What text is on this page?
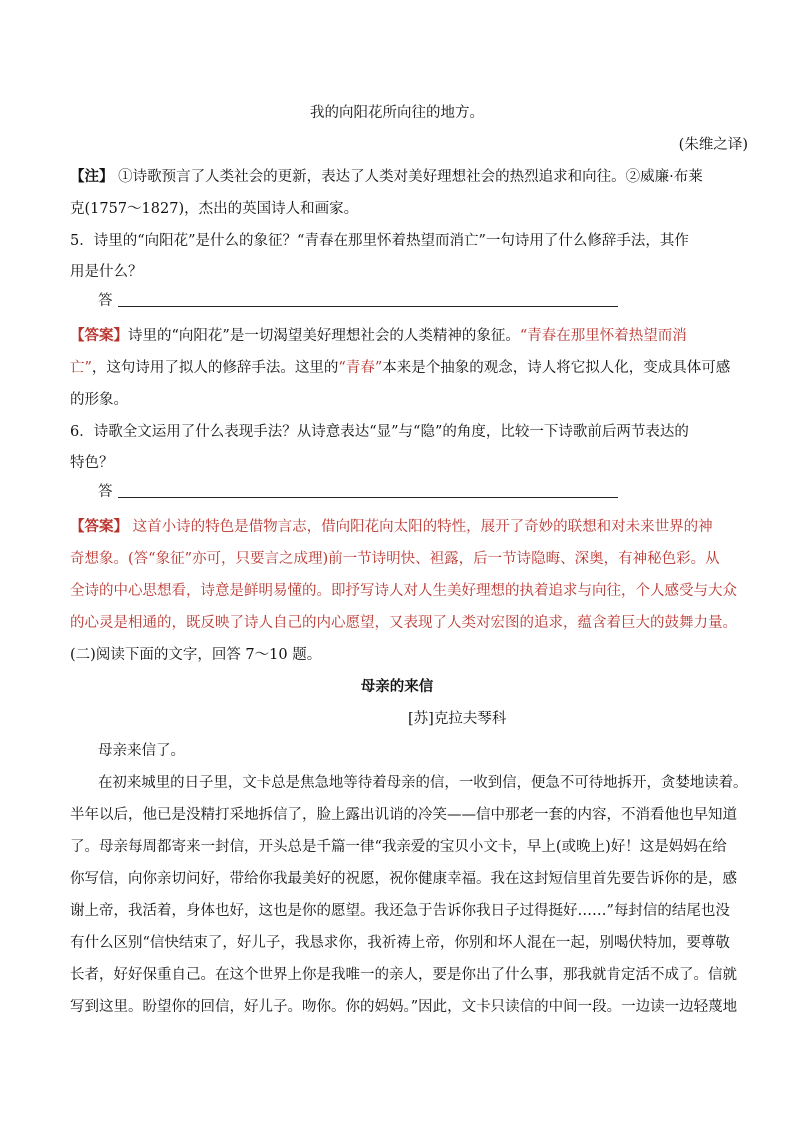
我的向阳花所向往的地方。
(朱维之译)
【注】 ①诗歌预言了人类社会的更新，表达了人类对美好理想社会的热烈追求和向往。②威廉·布莱
克(1757～1827)，杰出的英国诗人和画家。
5．诗里的“向阳花”是什么的象征？“青春在那里怀着热望而消亡”一句诗用了什么修辞手法，其作
用是什么？
答
【答案】诗里的“向阳花”是一切渴望美好理想社会的人类精神的象征。“青春在那里怀着热望而消
亡”，这句诗用了拟人的修辞手法。这里的“青春”本来是个抽象的观念，诗人将它拟人化，变成具体可感
的形象。
6．诗歌全文运用了什么表现手法？从诗意表达“显”与“隐”的角度，比较一下诗歌前后两节表达的
特色？
答
【答案】 这首小诗的特色是借物言志，借向阳花向太阳的特性，展开了奇妙的联想和对未来世界的神
奇想象。(答“象征”亦可，只要言之成理)前一节诗明快、袒露，后一节诗隐晦、深奥，有神秘色彩。从
全诗的中心思想看，诗意是鲜明易懂的。即抒写诗人对人生美好理想的执着追求与向往，个人感受与大众
的心灵是相通的，既反映了诗人自己的内心愿望，又表现了人类对宏图的追求，蕴含着巨大的鼓舞力量。
(二)阅读下面的文字，回答 7～10 题。
母亲的来信
[苏]克拉夫琴科
母亲来信了。
在初来城里的日子里，文卡总是焦急地等待着母亲的信，一收到信，便急不可待地拆开，贪婪地读着。
半年以后，他已是没精打采地拆信了，脸上露出讥诮的冷笑——信中那老一套的内容，不消看他也早知道
了。母亲每周都寄来一封信，开头总是千篇一律“我亲爱的宝贝小文卡，早上(或晚上)好！这是妈妈在给
你写信，向你亲切问好，带给你我最美好的祝愿，祝你健康幸福。我在这封短信里首先要告诉你的是，感
谢上帝，我活着，身体也好，这也是你的愿望。我还急于告诉你我日子过得挺好……”每封信的结尾也没
有什么区别“信快结束了，好儿子，我恳求你，我祈祷上帝，你别和坏人混在一起，别喝伏特加，要尊敬
长者，好好保重自己。在这个世界上你是我唯一的亲人，要是你出了什么事，那我就肯定活不成了。信就
写到这里。盼望你的回信，好儿子。吻你。你的妈妈。”因此，文卡只读信的中间一段。一边读一边轻蔑地
